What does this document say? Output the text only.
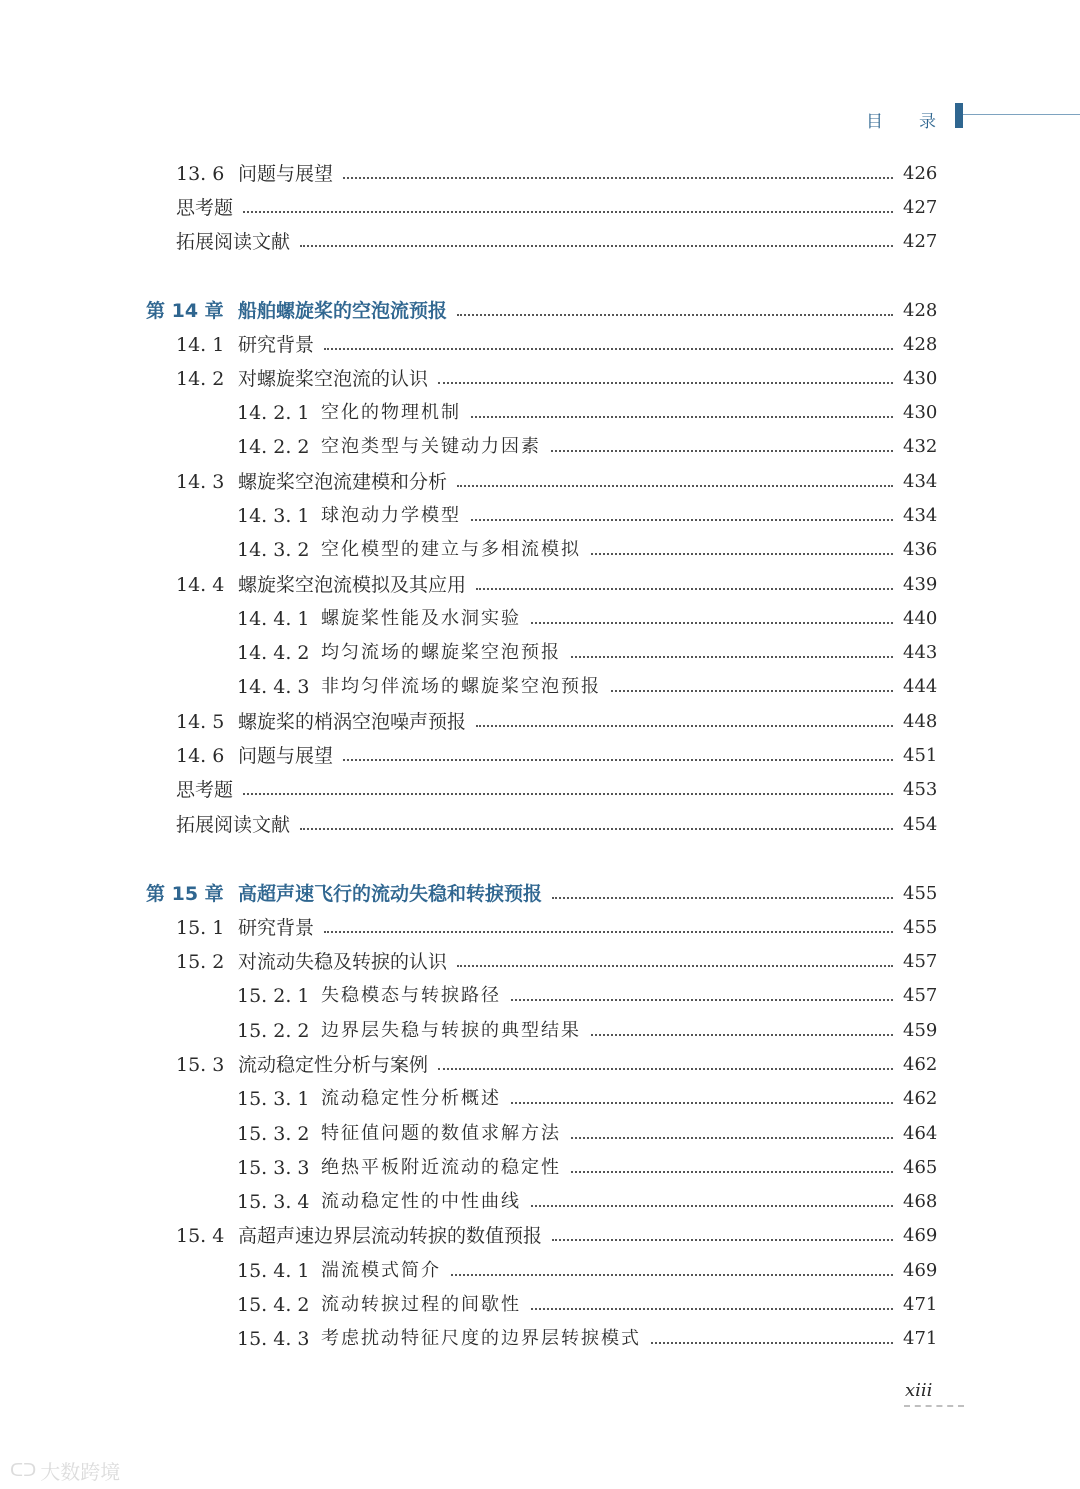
目 录
13. 6 问题与展望	426
思考题	427
拓展阅读文献	427
第 14 章 船舶螺旋桨的空泡流预报	428
14. 1 研究背景	428
14. 2 对螺旋桨空泡流的认识	430
14. 2. 1 空化的物理机制	430
14. 2. 2 空泡类型与关键动力因素	432
14. 3 螺旋桨空泡流建模和分析	434
14. 3. 1 球泡动力学模型	434
14. 3. 2 空化模型的建立与多相流模拟	436
14. 4 螺旋桨空泡流模拟及其应用	439
14. 4. 1 螺旋桨性能及水洞实验	440
14. 4. 2 均匀流场的螺旋桨空泡预报	443
14. 4. 3 非均匀伴流场的螺旋桨空泡预报	444
14. 5 螺旋桨的梢涡空泡噪声预报	448
14. 6 问题与展望	451
思考题	453
拓展阅读文献	454
第 15 章 高超声速飞行的流动失稳和转捩预报	455
15. 1 研究背景	455
15. 2 对流动失稳及转捩的认识	457
15. 2. 1 失稳模态与转捩路径	457
15. 2. 2 边界层失稳与转捩的典型结果	459
15. 3 流动稳定性分析与案例	462
15. 3. 1 流动稳定性分析概述	462
15. 3. 2 特征值问题的数值求解方法	464
15. 3. 3 绝热平板附近流动的稳定性	465
15. 3. 4 流动稳定性的中性曲线	468
15. 4 高超声速边界层流动转捩的数值预报	469
15. 4. 1 湍流模式简介	469
15. 4. 2 流动转捩过程的间歇性	471
15. 4. 3 考虑扰动特征尺度的边界层转捩模式	471
xiii
ᑕᑐ 大数跨境
